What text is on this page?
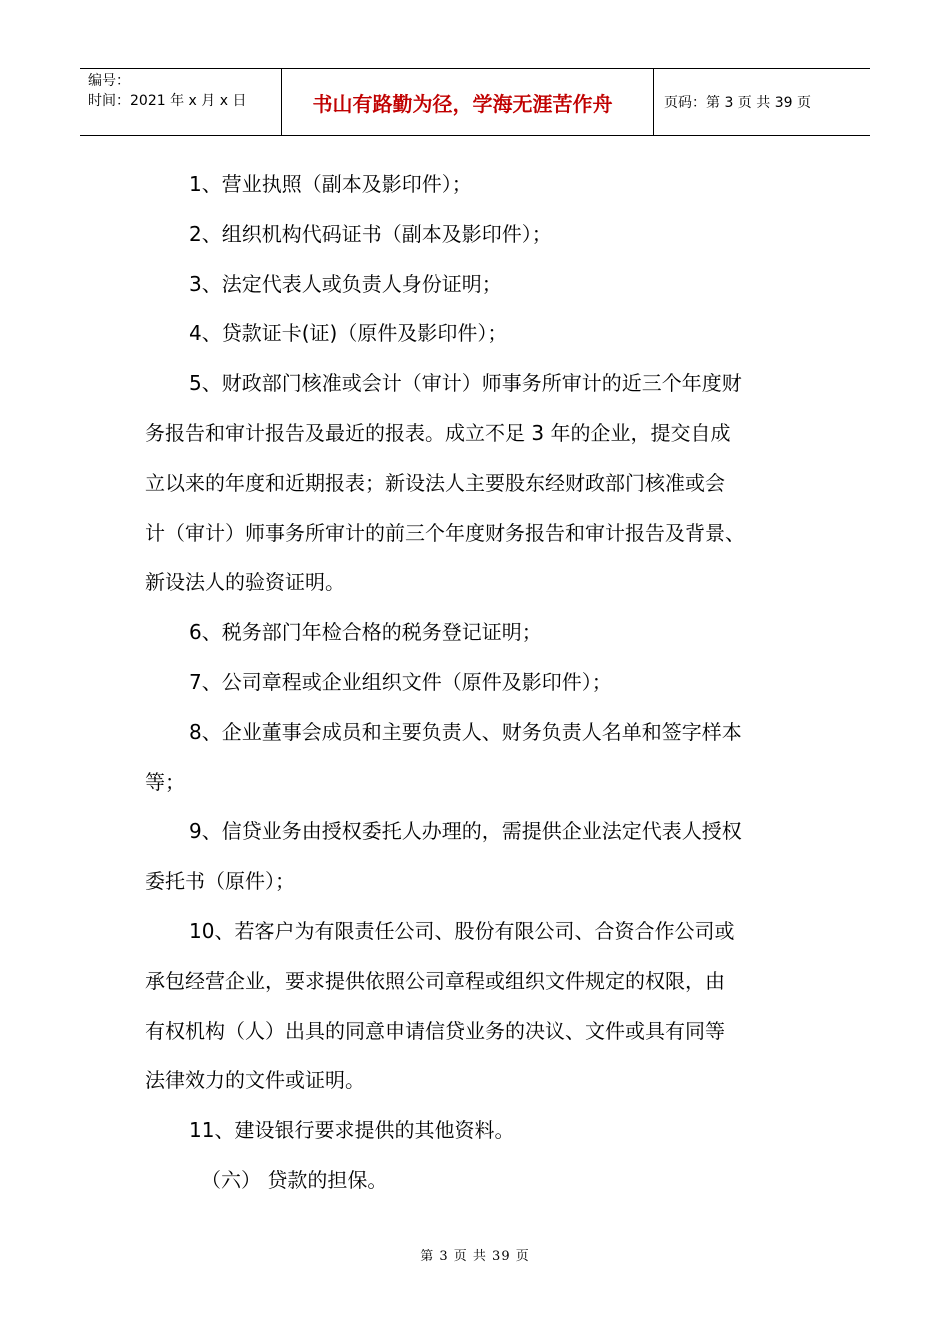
编号：
时间：2021 年 x 月 x 日	书山有路勤为径，学海无涯苦作舟	页码：第 3 页 共 39 页

1、营业执照（副本及影印件）；

2、组织机构代码证书（副本及影印件）；

3、法定代表人或负责人身份证明；

4、贷款证卡(证)（原件及影印件）；

5、财政部门核准或会计（审计）师事务所审计的近三个年度财

务报告和审计报告及最近的报表。成立不足 3 年的企业，提交自成

立以来的年度和近期报表；新设法人主要股东经财政部门核准或会

计（审计）师事务所审计的前三个年度财务报告和审计报告及背景、

新设法人的验资证明。

6、税务部门年检合格的税务登记证明；

7、公司章程或企业组织文件（原件及影印件）；

8、企业董事会成员和主要负责人、财务负责人名单和签字样本

等；

9、信贷业务由授权委托人办理的，需提供企业法定代表人授权

委托书（原件）；

10、若客户为有限责任公司、股份有限公司、合资合作公司或

承包经营企业，要求提供依照公司章程或组织文件规定的权限，由

有权机构（人）出具的同意申请信贷业务的决议、文件或具有同等

法律效力的文件或证明。

11、建设银行要求提供的其他资料。

（六） 贷款的担保。

第 3 页 共 39 页
